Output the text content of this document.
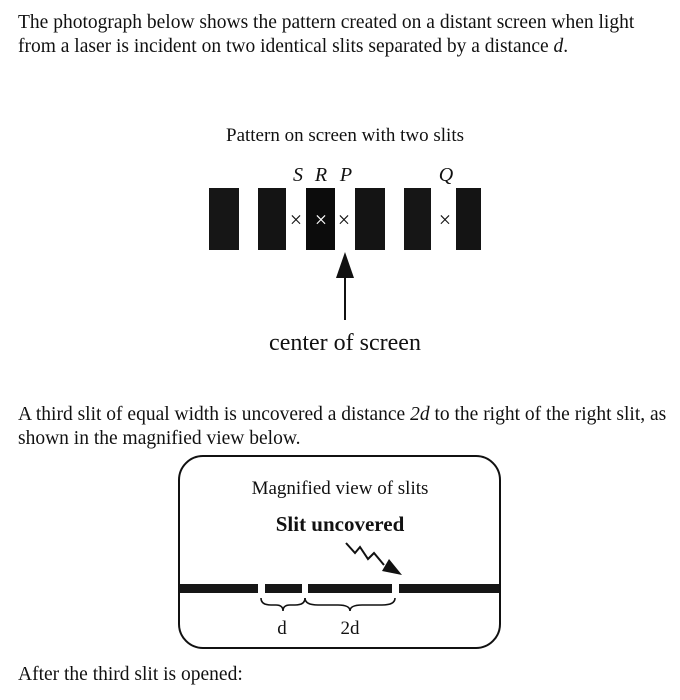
The photograph below shows the pattern created on a distant screen when light from a laser is incident on two identical slits separated by a distance d.

Pattern on screen with two slits
S R P	Q
× × ×	×
center of screen

A third slit of equal width is uncovered a distance 2d to the right of the right slit, as shown in the magnified view below.

Magnified view of slits
Slit uncovered
d	2d

After the third slit is opened:
